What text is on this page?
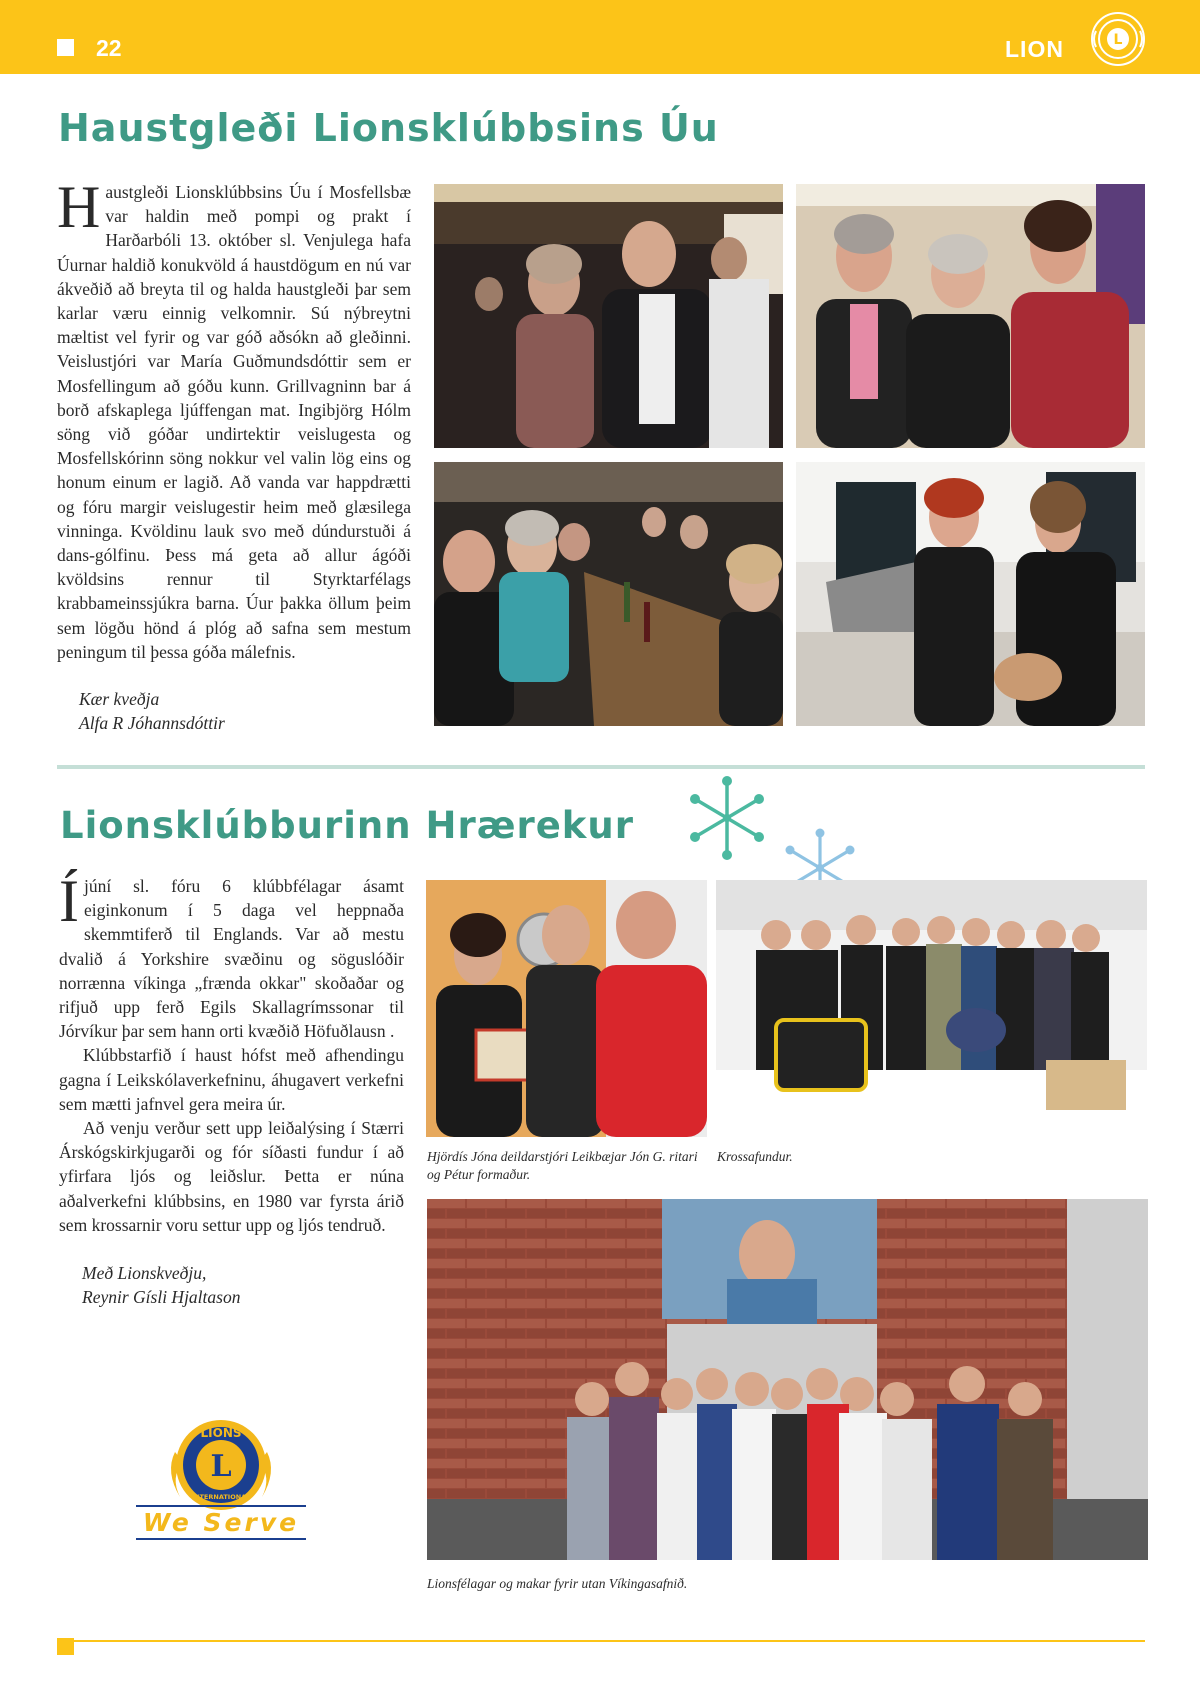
22	LION	L
Haustgleði Lionsklúbbsins Úu
Haustgleði Lionsklúbbsins Úu í Mosfellsbæ var haldin með pompi og prakt í Harðarbóli 13. október sl. Venjulega hafa Úurnar haldið konukvöld á haustdögum en nú var ákveðið að breyta til og halda haustgleði þar sem karlar væru einnig velkomnir. Sú nýbreytni mæltist vel fyrir og var góð aðsókn að gleðinni. Veislustjóri var María Guðmundsdóttir sem er Mosfellingum að góðu kunn. Grillvagninn bar á borð afskaplega ljúffengan mat. Ingibjörg Hólm söng við góðar undirtektir veislugesta og Mosfellskórinn söng nokkur vel valin lög eins og honum einum er lagið. Að vanda var happdrætti og fóru margir veislugestir heim með glæsilega vinninga. Kvöldinu lauk svo með dúndurstuði á dans-gólfinu. Þess má geta að allur ágóði kvöldsins rennur til Styrktarfélags krabbameinssjúkra barna. Úur þakka öllum þeim sem lögðu hönd á plóg að safna sem mestum peningum til þessa góða málefnis.
Kær kveðja
Alfa R Jóhannsdóttir
Lionsklúbburinn Hrærekur

Íjúní sl. fóru 6 klúbbfélagar ásamt eiginkonum í 5 daga vel heppnaða skemmtiferð til Englands. Var að mestu dvalið á Yorkshire svæðinu og söguslóðir norrænna víkinga „frænda okkar" skoðaðar og rifjuð upp ferð Egils Skallagrímssonar til Jórvíkur þar sem hann orti kvæðið Höfuðlausn .

Klúbbstarfið í haust hófst með afhendingu gagna í Leikskólaverkefninu, áhugavert verkefni sem mætti jafnvel gera meira úr.

Að venju verður sett upp leiðalýsing í Stærri Árskógskirkjugarði og fór síðasti fundur í að yfirfara ljós og leiðslur. Þetta er núna aðalverkefni klúbbsins, en 1980 var fyrsta árið sem krossarnir voru settur upp og ljós tendruð.

Með Lionskveðju,
Reynir Gísli Hjaltason
Hjördís Jóna deildarstjóri Leikbæjar Jón G. ritari og Pétur formaður.
Krossafundur.
Lionsfélagar og makar fyrir utan Víkingasafnið.
LIONS
L
INTERNATIONAL
We Serve
